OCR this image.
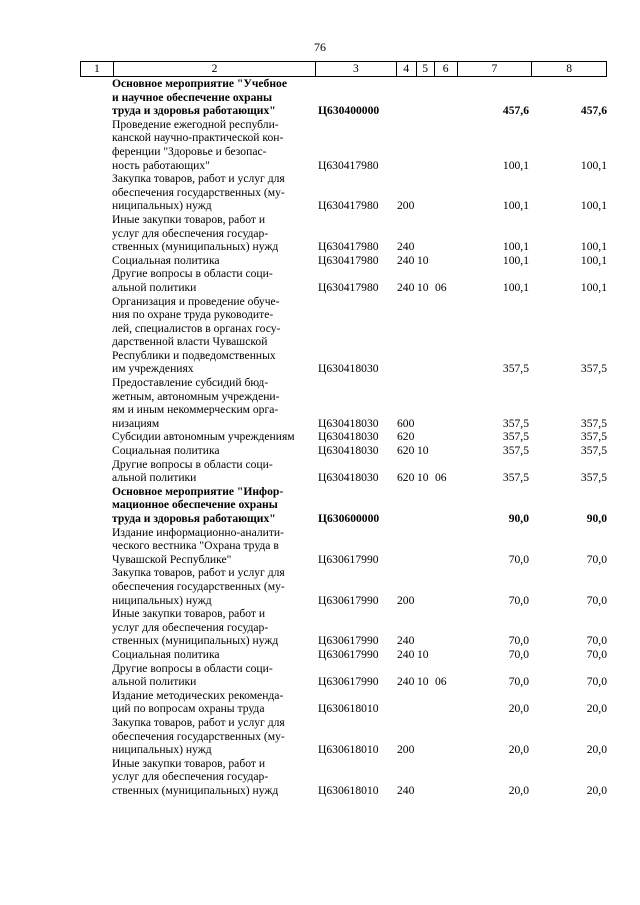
76
1	2	3	4	5	6	7	8
Основное мероприятие "Учебное
и научное обеспечение охраны
труда и здоровья работающих"	Ц630400000	457,6	457,6
Проведение ежегодной республи-
канской научно-практической кон-
ференции "Здоровье и безопас-
ность работающих"	Ц630417980	100,1	100,1
Закупка товаров, работ и услуг для
обеспечения государственных (му-
ниципальных) нужд	Ц630417980	200	100,1	100,1
Иные закупки товаров, работ и
услуг для обеспечения государ-
ственных (муниципальных) нужд	Ц630417980	240	100,1	100,1
Социальная политика	Ц630417980	240 10	100,1	100,1
Другие вопросы в области соци-
альной политики	Ц630417980	240 10 06	100,1	100,1
Организация и проведение обуче-
ния по охране труда руководите-
лей, специалистов в органах госу-
дарственной власти Чувашской
Республики и подведомственных
им учреждениях	Ц630418030	357,5	357,5
Предоставление субсидий бюд-
жетным, автономным учреждени-
ям и иным некоммерческим орга-
низациям	Ц630418030	600	357,5	357,5
Субсидии автономным учреждениям	Ц630418030	620	357,5	357,5
Социальная политика	Ц630418030	620 10	357,5	357,5
Другие вопросы в области соци-
альной политики	Ц630418030	620 10 06	357,5	357,5
Основное мероприятие "Инфор-
мационное обеспечение охраны
труда и здоровья работающих"	Ц630600000	90,0	90,0
Издание информационно-аналити-
ческого вестника "Охрана труда в
Чувашской Республике"	Ц630617990	70,0	70,0
Закупка товаров, работ и услуг для
обеспечения государственных (му-
ниципальных) нужд	Ц630617990	200	70,0	70,0
Иные закупки товаров, работ и
услуг для обеспечения государ-
ственных (муниципальных) нужд	Ц630617990	240	70,0	70,0
Социальная политика	Ц630617990	240 10	70,0	70,0
Другие вопросы в области соци-
альной политики	Ц630617990	240 10 06	70,0	70,0
Издание методических рекоменда-
ций по вопросам охраны труда	Ц630618010	20,0	20,0
Закупка товаров, работ и услуг для
обеспечения государственных (му-
ниципальных) нужд	Ц630618010	200	20,0	20,0
Иные закупки товаров, работ и
услуг для обеспечения государ-
ственных (муниципальных) нужд	Ц630618010	240	20,0	20,0
